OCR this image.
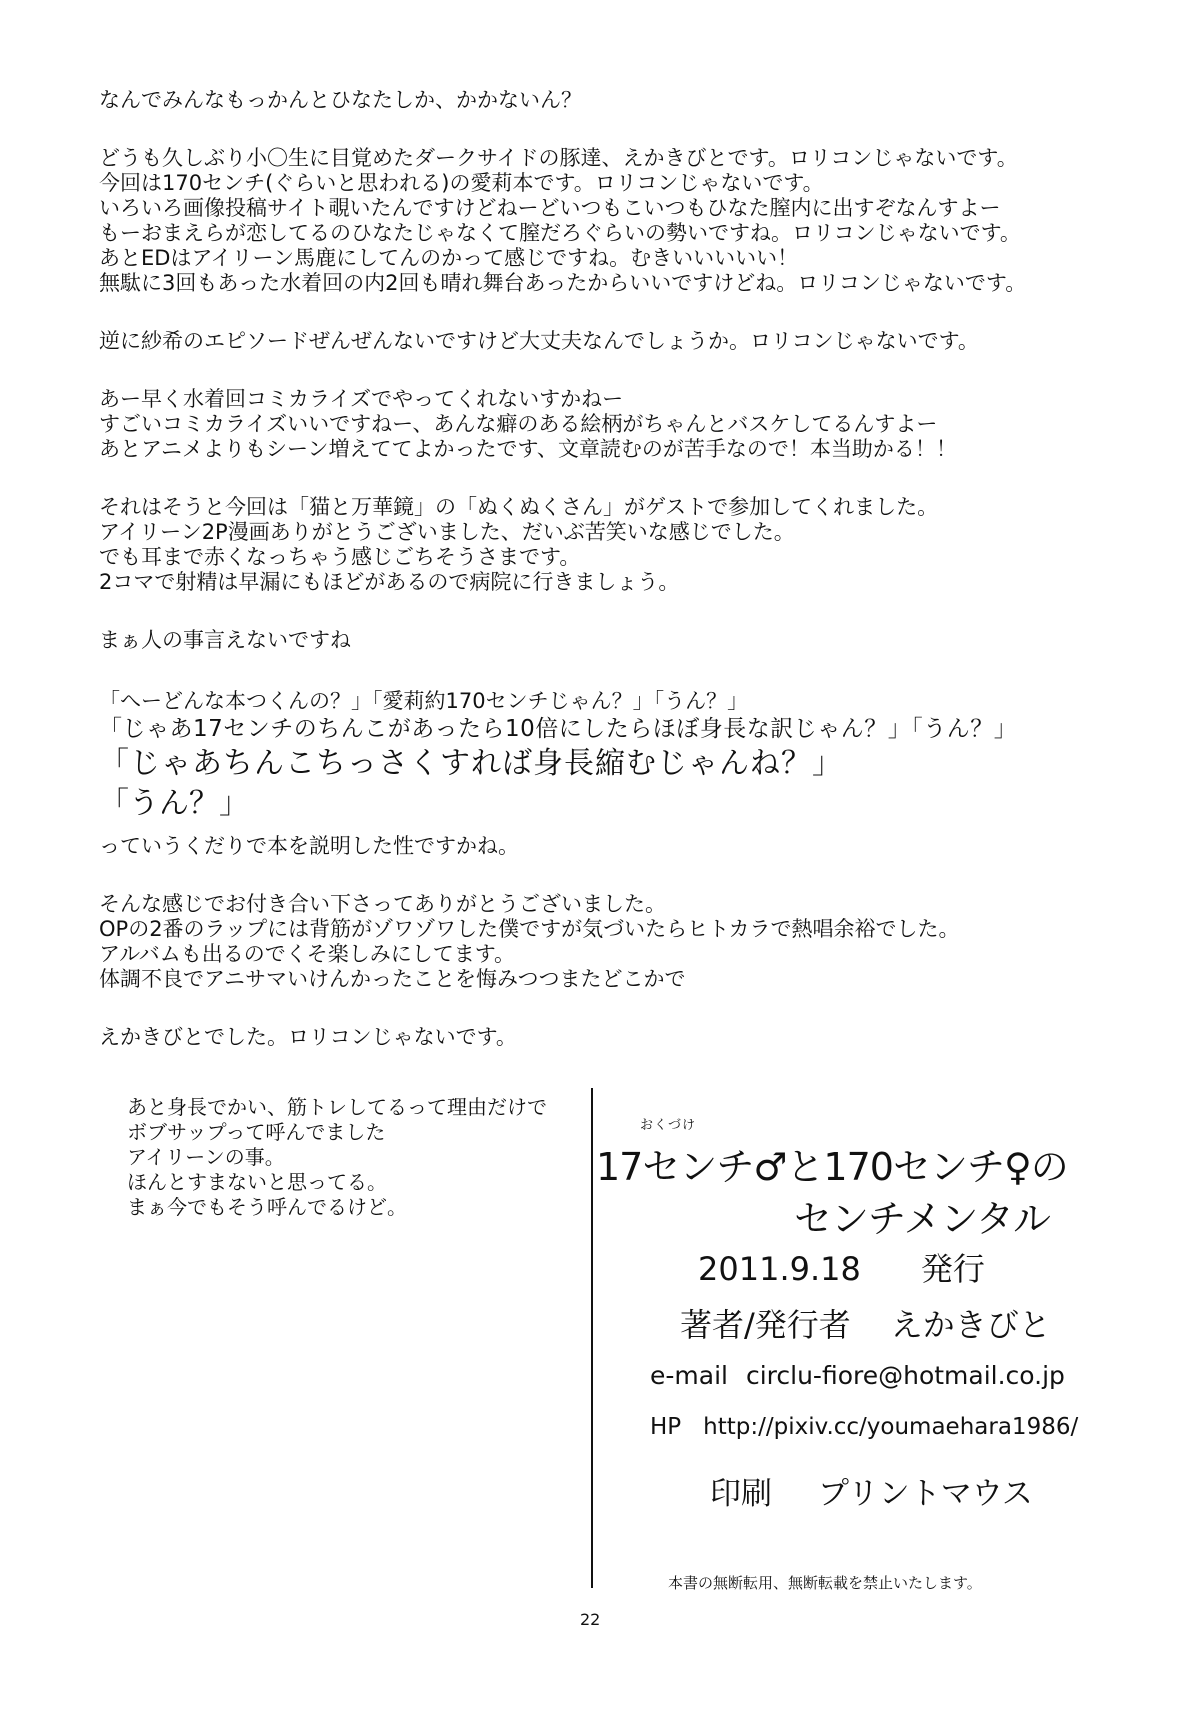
なんでみんなもっかんとひなたしか、かかないん？
どうも久しぶり小〇生に目覚めたダークサイドの豚達、えかきびとです。ロリコンじゃないです。
今回は170センチ(ぐらいと思われる)の愛莉本です。ロリコンじゃないです。
いろいろ画像投稿サイト覗いたんですけどねーどいつもこいつもひなた膣内に出すぞなんすよー
もーおまえらが恋してるのひなたじゃなくて膣だろぐらいの勢いですね。ロリコンじゃないです。
あとEDはアイリーン馬鹿にしてんのかって感じですね。むきいいいいい！
無駄に3回もあった水着回の内2回も晴れ舞台あったからいいですけどね。ロリコンじゃないです。
逆に紗希のエピソードぜんぜんないですけど大丈夫なんでしょうか。ロリコンじゃないです。
あー早く水着回コミカライズでやってくれないすかねー
すごいコミカライズいいですねー、あんな癖のある絵柄がちゃんとバスケしてるんすよー
あとアニメよりもシーン増えててよかったです、文章読むのが苦手なので！本当助かる！！
それはそうと今回は「猫と万華鏡」の「ぬくぬくさん」がゲストで参加してくれました。
アイリーン2P漫画ありがとうございました、だいぶ苦笑いな感じでした。
でも耳まで赤くなっちゃう感じごちそうさまです。
2コマで射精は早漏にもほどがあるので病院に行きましょう。
まぁ人の事言えないですね
「へーどんな本つくんの？」「愛莉約170センチじゃん？」「うん？」
「じゃあ17センチのちんこがあったら10倍にしたらほぼ身長な訳じゃん？」「うん？」
「じゃあちんこちっさくすれば身長縮むじゃんね？」
「うん？」
っていうくだりで本を説明した性ですかね。
そんな感じでお付き合い下さってありがとうございました。
OPの2番のラップには背筋がゾワゾワした僕ですが気づいたらヒトカラで熱唱余裕でした。
アルバムも出るのでくそ楽しみにしてます。
体調不良でアニサマいけんかったことを悔みつつまたどこかで
えかきびとでした。ロリコンじゃないです。
あと身長でかい、筋トレしてるって理由だけで
ボブサップって呼んでました
アイリーンの事。
ほんとすまないと思ってる。
まぁ今でもそう呼んでるけど。
おくづけ
17センチ♂と170センチ♀の
センチメンタル
2011.9.18 発行
著者/発行者 えかきびと
e-mail circlu-fiore@hotmail.co.jp
HP http://pixiv.cc/youmaehara1986/
印刷 プリントマウス
本書の無断転用、無断転載を禁止いたします。
22
